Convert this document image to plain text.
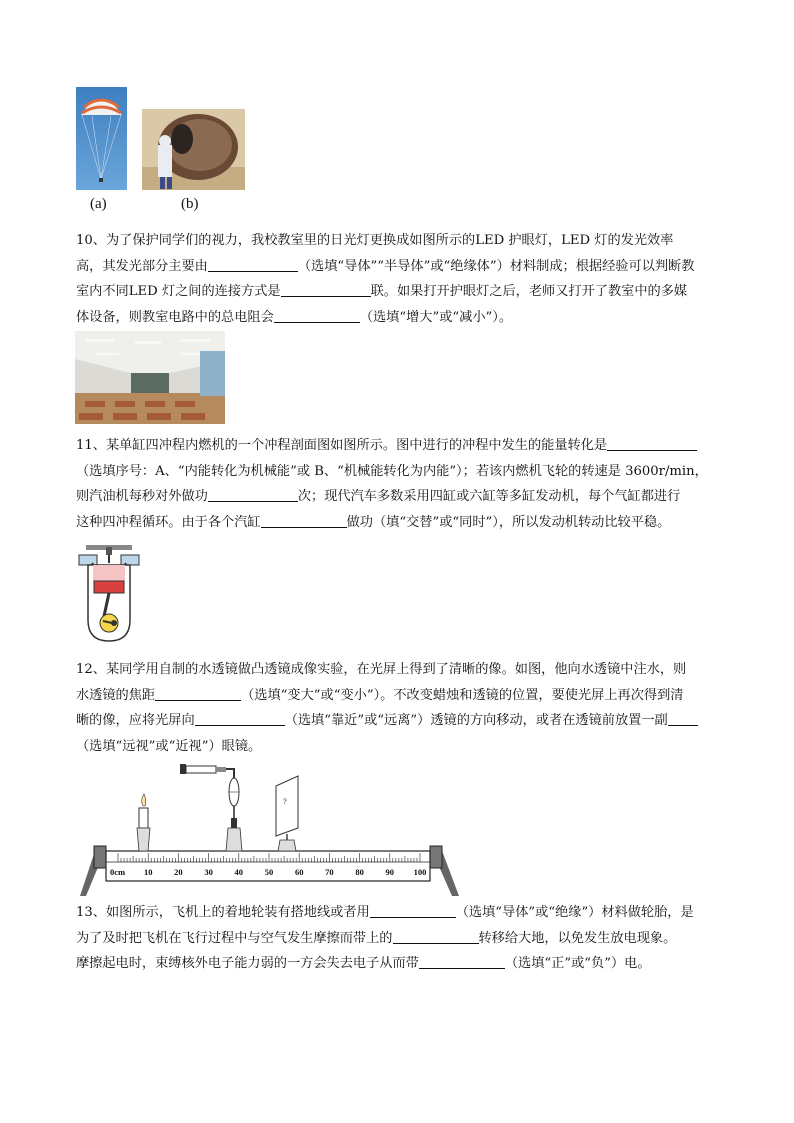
(a)	(b)
10、为了保护同学们的视力，我校教室里的日光灯更换成如图所示的LED 护眼灯，LED 灯的发光效率
高，其发光部分主要由	（选填“导体”“半导体”或“绝缘体”）材料制成；根据经验可以判断教
室内不同LED 灯之间的连接方式是	联。如果打开护眼灯之后，老师又打开了教室中的多媒
体设备，则教室电路中的总电阻会	（选填“增大”或“减小”）。
11、某单缸四冲程内燃机的一个冲程剖面图如图所示。图中进行的冲程中发生的能量转化是
（选填序号：A、“内能转化为机械能”或 B、“机械能转化为内能”）；若该内燃机飞轮的转速是 3600r/min，
则汽油机每秒对外做功	次；现代汽车多数采用四缸或六缸等多缸发动机，每个气缸都进行
这种四冲程循环。由于各个汽缸	做功（填“交替”或“同时”），所以发动机转动比较平稳。
12、某同学用自制的水透镜做凸透镜成像实验，在光屏上得到了清晰的像。如图，他向水透镜中注水，则
水透镜的焦距	（选填“变大”或“变小”）。不改变蜡烛和透镜的位置，要使光屏上再次得到清
晰的像，应将光屏向	（选填“靠近”或“远离”）透镜的方向移动，或者在透镜前放置一副
（选填“远视”或“近视”）眼镜。
0cm 10	20	30	40	50	60	70	80	90 100
?
13、如图所示，飞机上的着地轮装有搭地线或者用	（选填“导体”或“绝缘”）材料做轮胎，是
为了及时把飞机在飞行过程中与空气发生摩擦而带上的	转移给大地，以免发生放电现象。
摩擦起电时，束缚核外电子能力弱的一方会失去电子从而带	（选填“正”或“负”）电。
